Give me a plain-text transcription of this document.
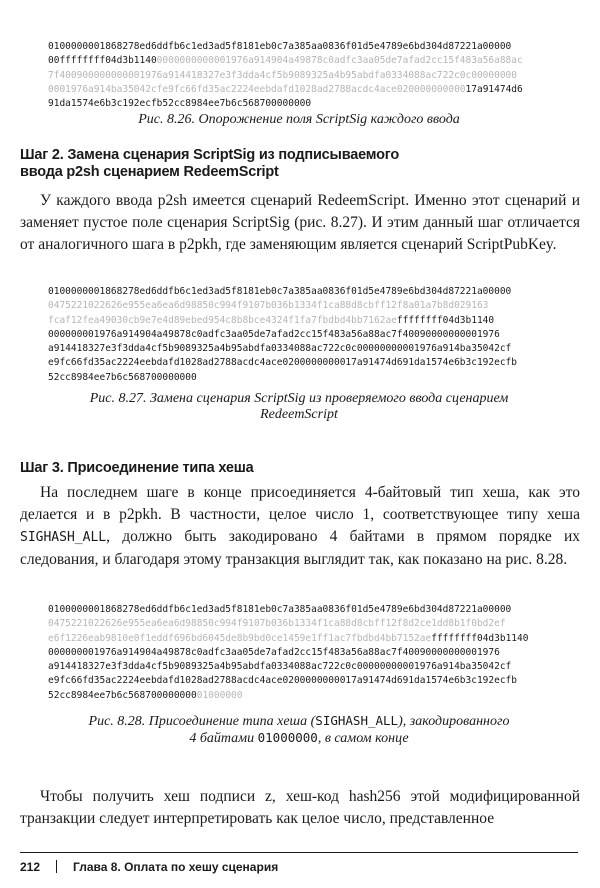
0100000001868278ed6ddfb6c1ed3ad5f8181eb0c7a385aa0836f01d5e4789e6bd304d87221a00000
00ffffffff04d3b11400000000000001976a914904a49878c0adfc3aa05de7afad2cc15f483a56a88ac
7f400900000000001976a914418327e3f3dda4cf5b9089325a4b95abdfa0334088ac722c0c00000000
0001976a914ba35042cfe9fc66fd35ac2224eebdafd1028ad2788acdc4ace02000000000017a91474d6
91da1574e6b3c192ecfb52cc8984ee7b6c568700000000

Рис. 8.26. Опорожнение поля ScriptSig каждого ввода

Шаг 2. Замена сценария ScriptSig из подписываемого
ввода p2sh сценарием RedeemScript

У каждого ввода p2sh имеется сценарий RedeemScript. Именно этот сценарий и заменяет пустое поле сценария ScriptSig (рис. 8.27). И этим данный шаг отличается от аналогичного шага в p2pkh, где заменяющим является сценарий ScriptPubKey.

0100000001868278ed6ddfb6c1ed3ad5f8181eb0c7a385aa0836f01d5e4789e6bd304d87221a00000
0475221022626e955ea6ea6d98850c994f9107b036b1334f1ca88d8cbff12f8a01a7b8d029163
fcaf12fea49030cb9e7e4d89ebed954c8b8bce4324f1fa7fbdbd4bb7162aeffffffff04d3b1140
000000001976a914904a49878c0adfc3aa05de7afad2cc15f483a56a88ac7f40090000000001976
a914418327e3f3dda4cf5b9089325a4b95abdfa0334088ac722c0c00000000001976a914ba35042cf
e9fc66fd35ac2224eebdafd1028ad2788acdc4ace0200000000017a91474d691da1574e6b3c192ecfb
52cc8984ee7b6c568700000000

Рис. 8.27. Замена сценария ScriptSig из проверяемого ввода сценарием
RedeemScript

Шаг 3. Присоединение типа хеша

На последнем шаге в конце присоединяется 4-байтовый тип хеша, как это делается и в p2pkh. В частности, целое число 1, соответствующее типу хеша SIGHASH_ALL, должно быть закодировано 4 байтами в прямом порядке их следования, и благодаря этому транзакция выглядит так, как показано на рис. 8.28.

0100000001868278ed6ddfb6c1ed3ad5f8181eb0c7a385aa0836f01d5e4789e6bd304d87221a00000
0475221022626e955ea6ea6d98850c994f9107b036b1334f1ca88d8cbff12f8d2ce1dd8b1f0bd2ef
e6f1226eab9810e0f1eddf696bd6045de8b9bd0ce1459e1ff1ac7fbdbd4bb7152aeffffffff04d3b1140
000000001976a914904a49878c0adfc3aa05de7afad2cc15f483a56a88ac7f40090000000001976
a914418327e3f3dda4cf5b9089325a4b95abdfa0334088ac722c0c00000000001976a914ba35042cf
e9fc66fd35ac2224eebdafd1028ad2788acdc4ace0200000000017a91474d691da1574e6b3c192ecfb
52cc8984ee7b6c56870000000001000000

Рис. 8.28. Присоединение типа хеша (SIGHASH_ALL), закодированного
4 байтами 01000000, в самом конце

Чтобы получить хеш подписи z, хеш-код hash256 этой модифицированной транзакции следует интерпретировать как целое число, представленное

212	Глава 8. Оплата по хешу сценария
